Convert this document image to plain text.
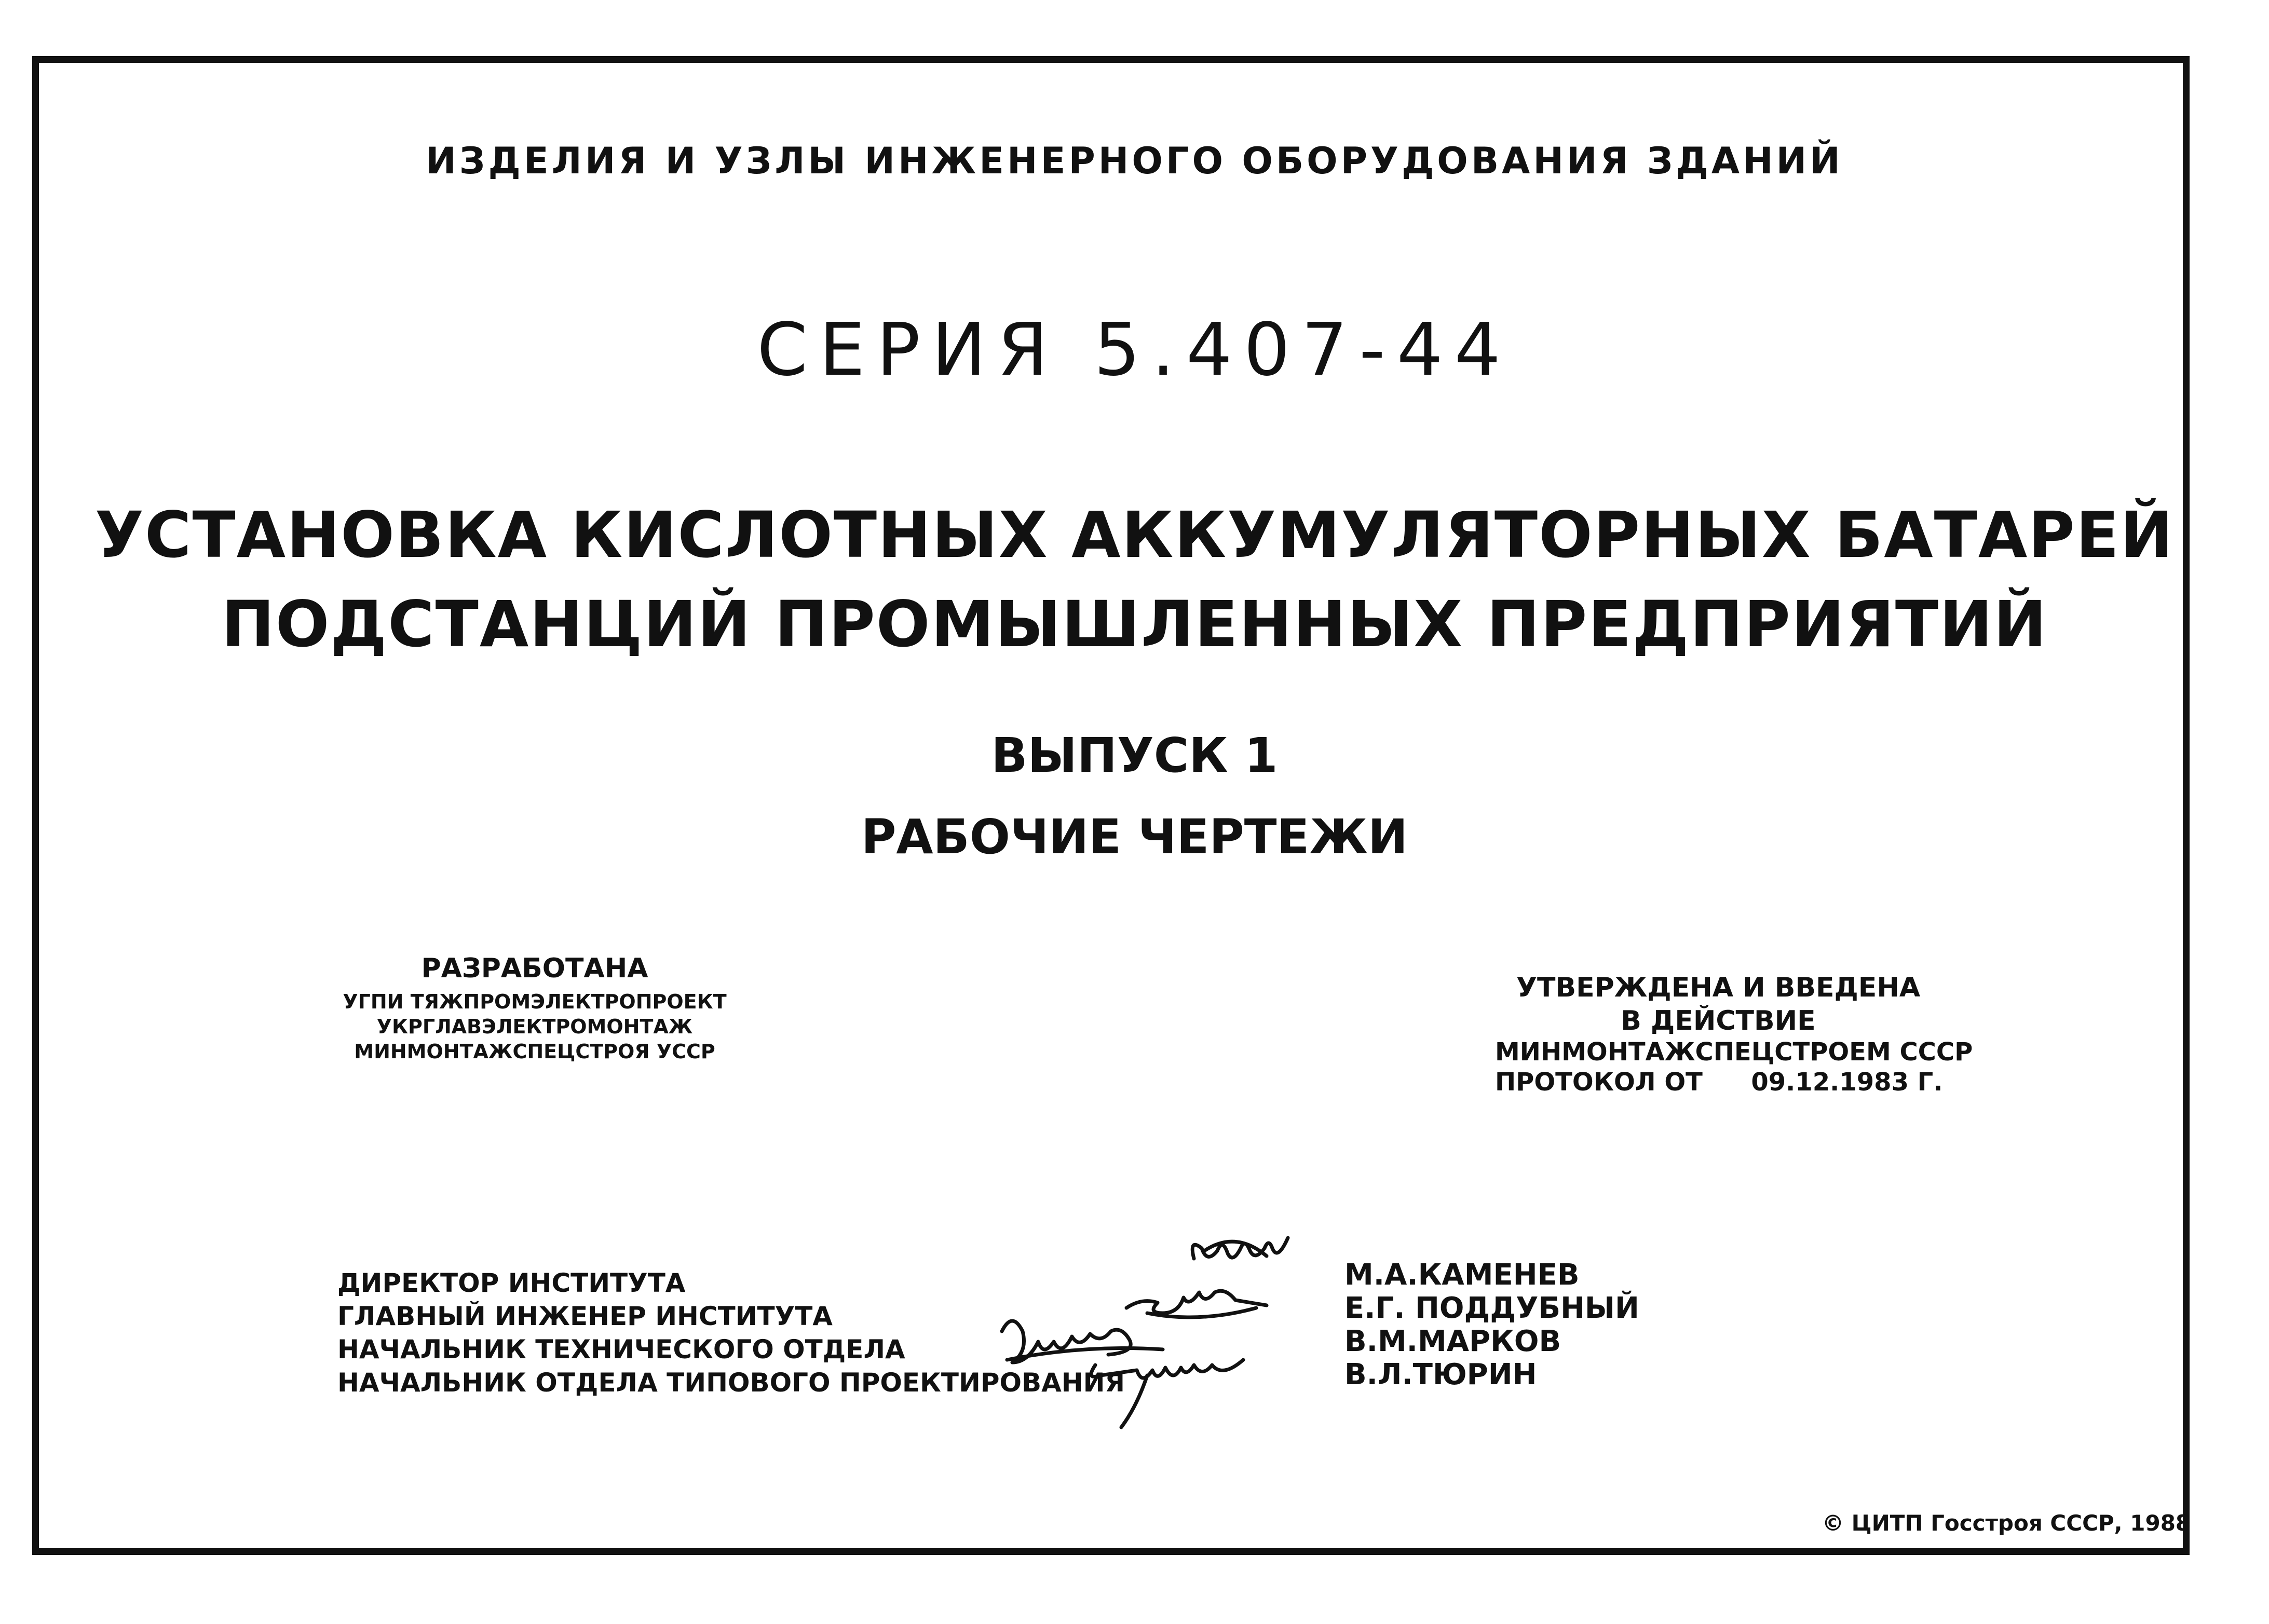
ИЗДЕЛИЯ И УЗЛЫ ИНЖЕНЕРНОГО ОБОРУДОВАНИЯ ЗДАНИЙ
СЕРИЯ 5.407-44
УСТАНОВКА КИСЛОТНЫХ АККУМУЛЯТОРНЫХ БАТАРЕЙ
ПОДСТАНЦИЙ ПРОМЫШЛЕННЫХ ПРЕДПРИЯТИЙ
ВЫПУСК 1
РАБОЧИЕ ЧЕРТЕЖИ
РАЗРАБОТАНА
УГПИ ТЯЖПРОМЭЛЕКТРОПРОЕКТ
УКРГЛАВЭЛЕКТРОМОНТАЖ
МИНМОНТАЖСПЕЦСТРОЯ УССР
УТВЕРЖДЕНА И ВВЕДЕНА
В ДЕЙСТВИЕ
МИНМОНТАЖСПЕЦСТРОЕМ СССР
ПРОТОКОЛ ОТ 09.12.1983 Г.
ДИРЕКТОР ИНСТИТУТА
ГЛАВНЫЙ ИНЖЕНЕР ИНСТИТУТА
НАЧАЛЬНИК ТЕХНИЧЕСКОГО ОТДЕЛА
НАЧАЛЬНИК ОТДЕЛА ТИПОВОГО ПРОЕКТИРОВАНИЯ
М.А.КАМЕНЕВ
Е.Г. ПОДДУБНЫЙ
В.М.МАРКОВ
В.Л.ТЮРИН
© ЦИТП Госстроя СССР, 1988
